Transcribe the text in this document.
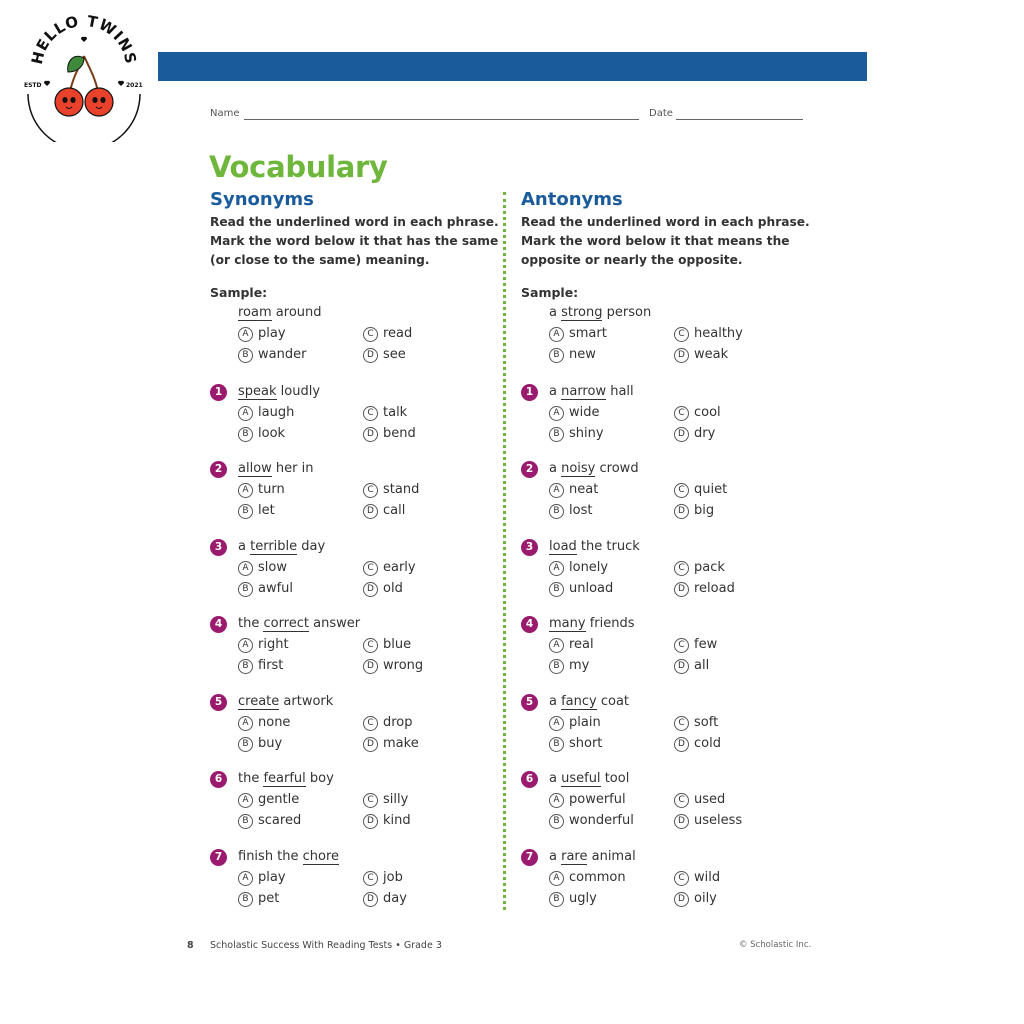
HELLO TWINS
ESTD	2021
Name	Date
Vocabulary
Synonyms
Read the underlined word in each phrase. Mark the word below it that has the same (or close to the same) meaning.
Sample:
roam around
A play
B wander
C read
D see
1	speak loudly
A laugh
B look
C talk
D bend
2	allow her in
A turn
B let
C stand
D call
3	a terrible day
A slow
B awful
C early
D old
4	the correct answer
A right
B first
C blue
D wrong
5	create artwork
A none
B buy
C drop
D make
6	the fearful boy
A gentle
B scared
C silly
D kind
7	finish the chore
A play
B pet
C job
D day
Antonyms
Read the underlined word in each phrase. Mark the word below it that means the opposite or nearly the opposite.
Sample:
a strong person
A smart
B new
C healthy
D weak
1	a narrow hall
A wide
B shiny
C cool
D dry
2	a noisy crowd
A neat
B lost
C quiet
D big
3	load the truck
A lonely
B unload
C pack
D reload
4	many friends
A real
B my
C few
D all
5	a fancy coat
A plain
B short
C soft
D cold
6	a useful tool
A powerful
B wonderful
C used
D useless
7	a rare animal
A common
B ugly
C wild
D oily
8 Scholastic Success With Reading Tests • Grade 3	© Scholastic Inc.
